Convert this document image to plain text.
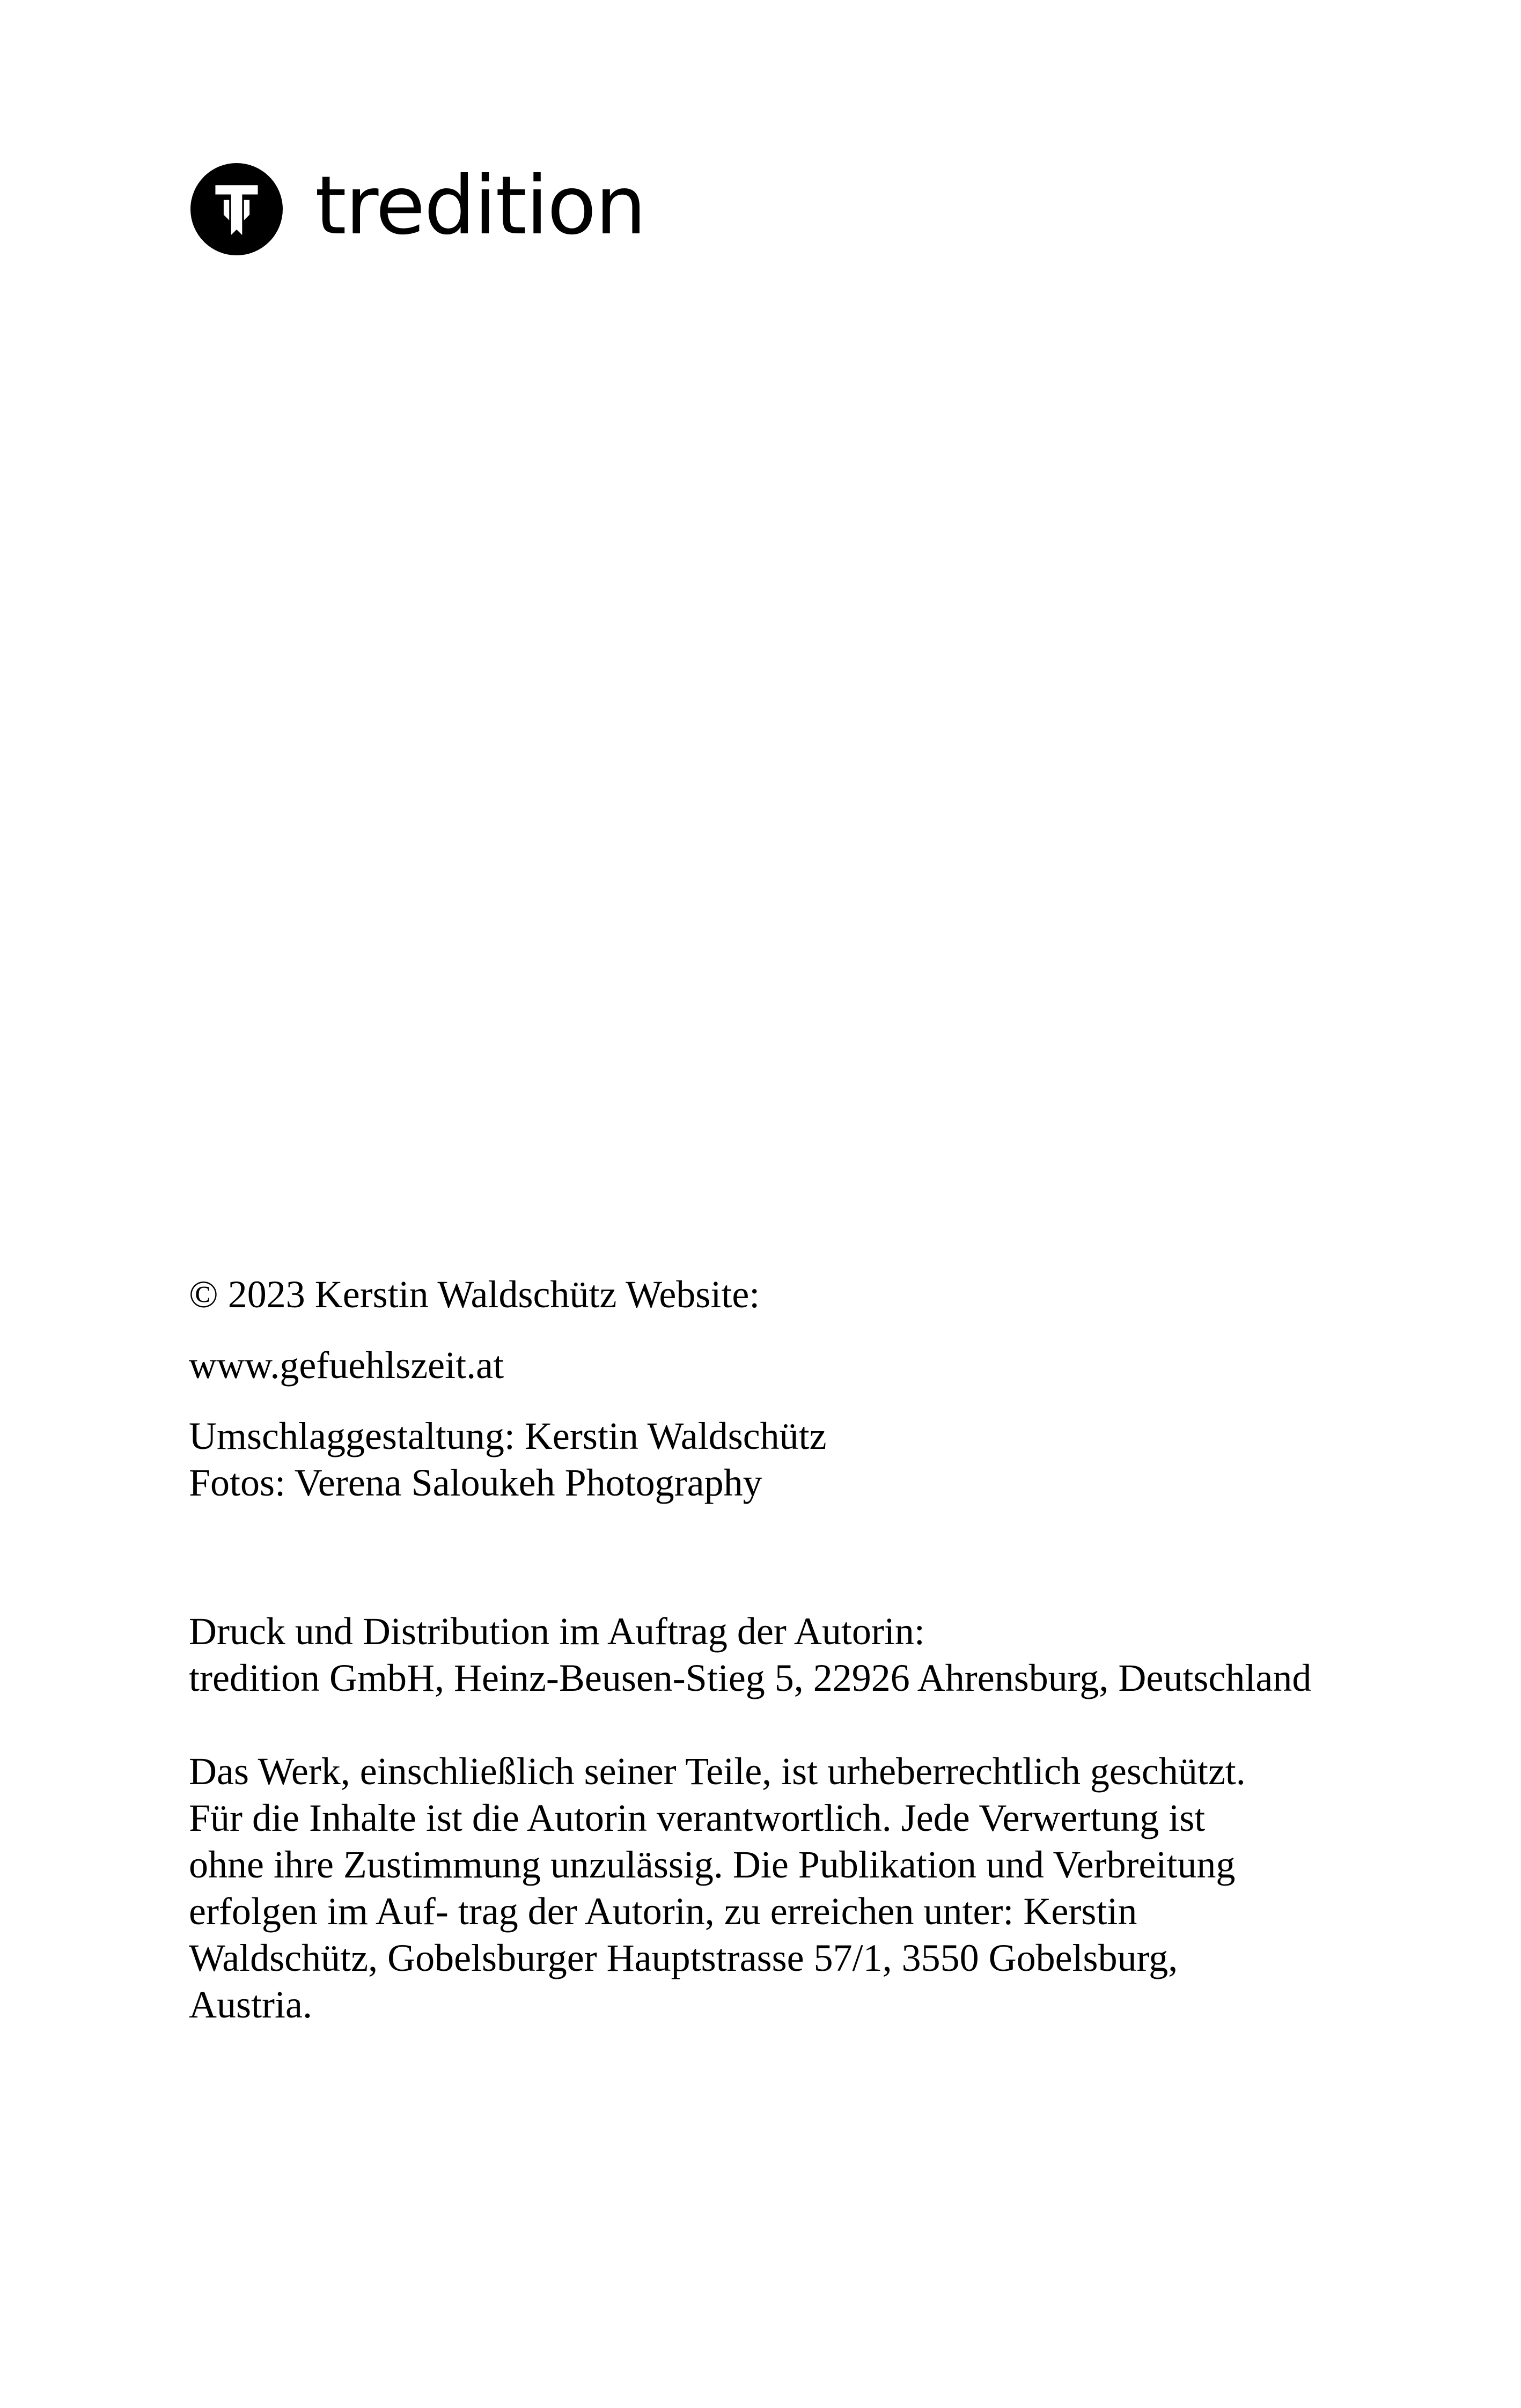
tredition

© 2023 Kerstin Waldschütz Website:

www.gefuehlszeit.at

Umschlaggestaltung: Kerstin Waldschütz

Fotos: Verena Saloukeh Photography

Druck und Distribution im Auftrag der Autorin:

tredition GmbH, Heinz-Beusen-Stieg 5, 22926 Ahrensburg, Deutschland

Das Werk, einschließlich seiner Teile, ist urheberrechtlich geschützt.

Für die Inhalte ist die Autorin verantwortlich. Jede Verwertung ist

ohne ihre Zustimmung unzulässig. Die Publikation und Verbreitung

erfolgen im Auf- trag der Autorin, zu erreichen unter: Kerstin

Waldschütz, Gobelsburger Hauptstrasse 57/1, 3550 Gobelsburg,

Austria.
